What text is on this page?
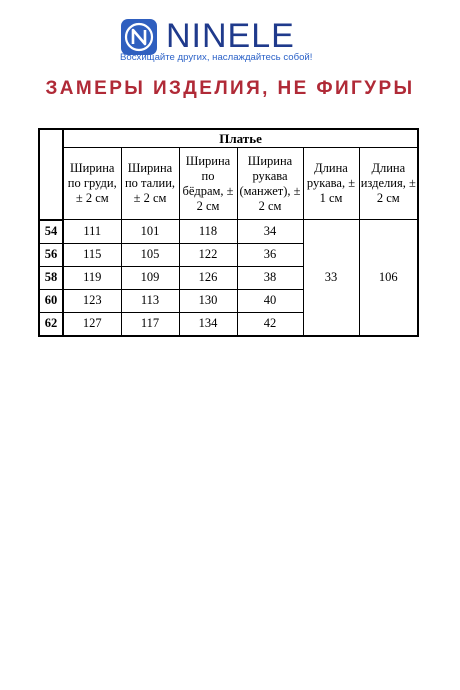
NINELE
Восхищайте других, наслаждайтесь собой!
ЗАМЕРЫ ИЗДЕЛИЯ, НЕ ФИГУРЫ
	Платье					
	Ширина по груди, ± 2 см	Ширина по талии, ± 2 см	Ширина по бёдрам, ± 2 см	Ширина рукава (манжет), ± 2 см	Длина рукава, ± 1 см	Длина изделия, ± 2 см
54	111	101	118	34	33	106
56	115	105	122	36		
58	119	109	126	38		
60	123	113	130	40		
62	127	117	134	42		
